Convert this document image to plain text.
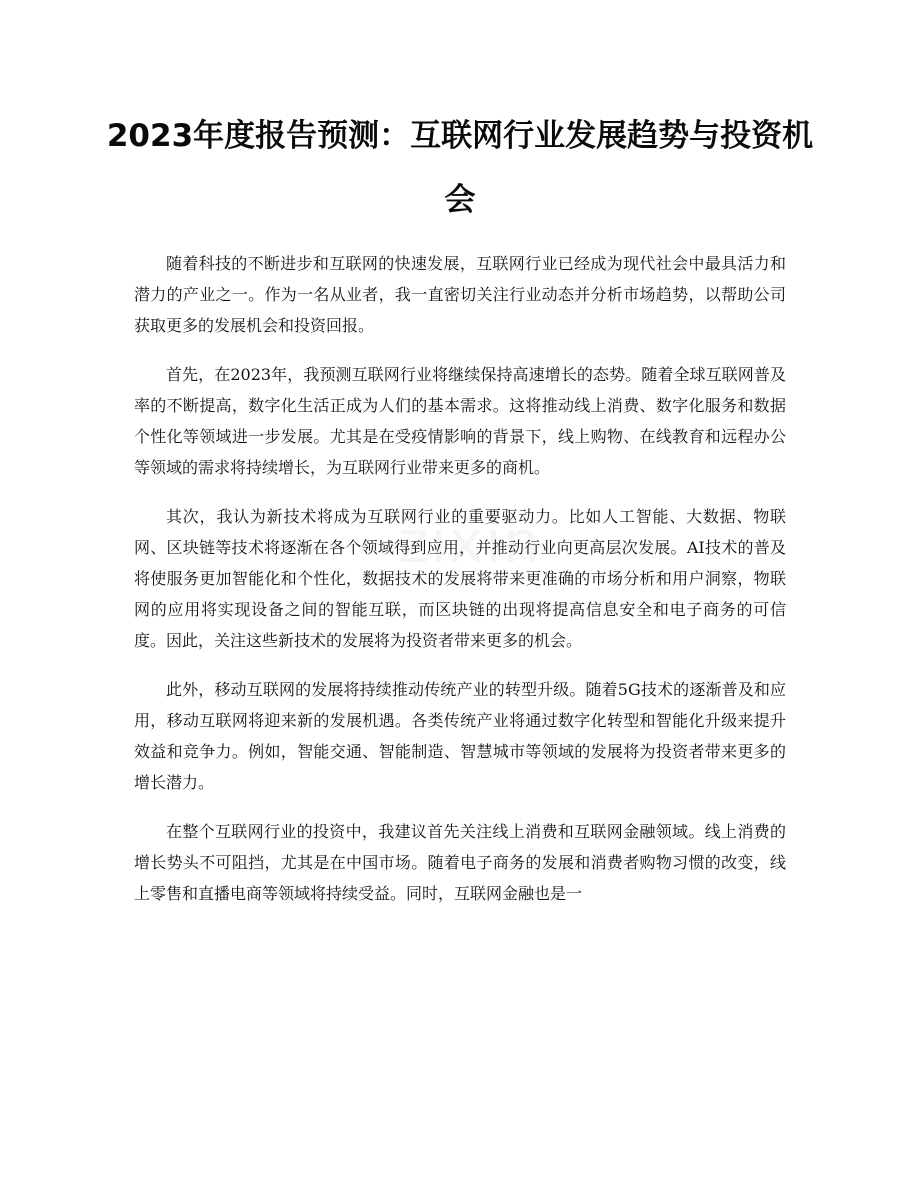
2023年度报告预测：互联网行业发展趋势与投资机会
zixin

随着科技的不断进步和互联网的快速发展，互联网行业已经成为现代社会中最具活力和潜力的产业之一。作为一名从业者，我一直密切关注行业动态并分析市场趋势，以帮助公司获取更多的发展机会和投资回报。

首先，在2023年，我预测互联网行业将继续保持高速增长的态势。随着全球互联网普及率的不断提高，数字化生活正成为人们的基本需求。这将推动线上消费、数字化服务和数据个性化等领域进一步发展。尤其是在受疫情影响的背景下，线上购物、在线教育和远程办公等领域的需求将持续增长，为互联网行业带来更多的商机。

其次，我认为新技术将成为互联网行业的重要驱动力。比如人工智能、大数据、物联网、区块链等技术将逐渐在各个领域得到应用，并推动行业向更高层次发展。AI技术的普及将使服务更加智能化和个性化，数据技术的发展将带来更准确的市场分析和用户洞察，物联网的应用将实现设备之间的智能互联，而区块链的出现将提高信息安全和电子商务的可信度。因此，关注这些新技术的发展将为投资者带来更多的机会。

此外，移动互联网的发展将持续推动传统产业的转型升级。随着5G技术的逐渐普及和应用，移动互联网将迎来新的发展机遇。各类传统产业将通过数字化转型和智能化升级来提升效益和竞争力。例如，智能交通、智能制造、智慧城市等领域的发展将为投资者带来更多的增长潜力。

在整个互联网行业的投资中，我建议首先关注线上消费和互联网金融领域。线上消费的增长势头不可阻挡，尤其是在中国市场。随着电子商务的发展和消费者购物习惯的改变，线上零售和直播电商等领域将持续受益。同时，互联网金融也是一
